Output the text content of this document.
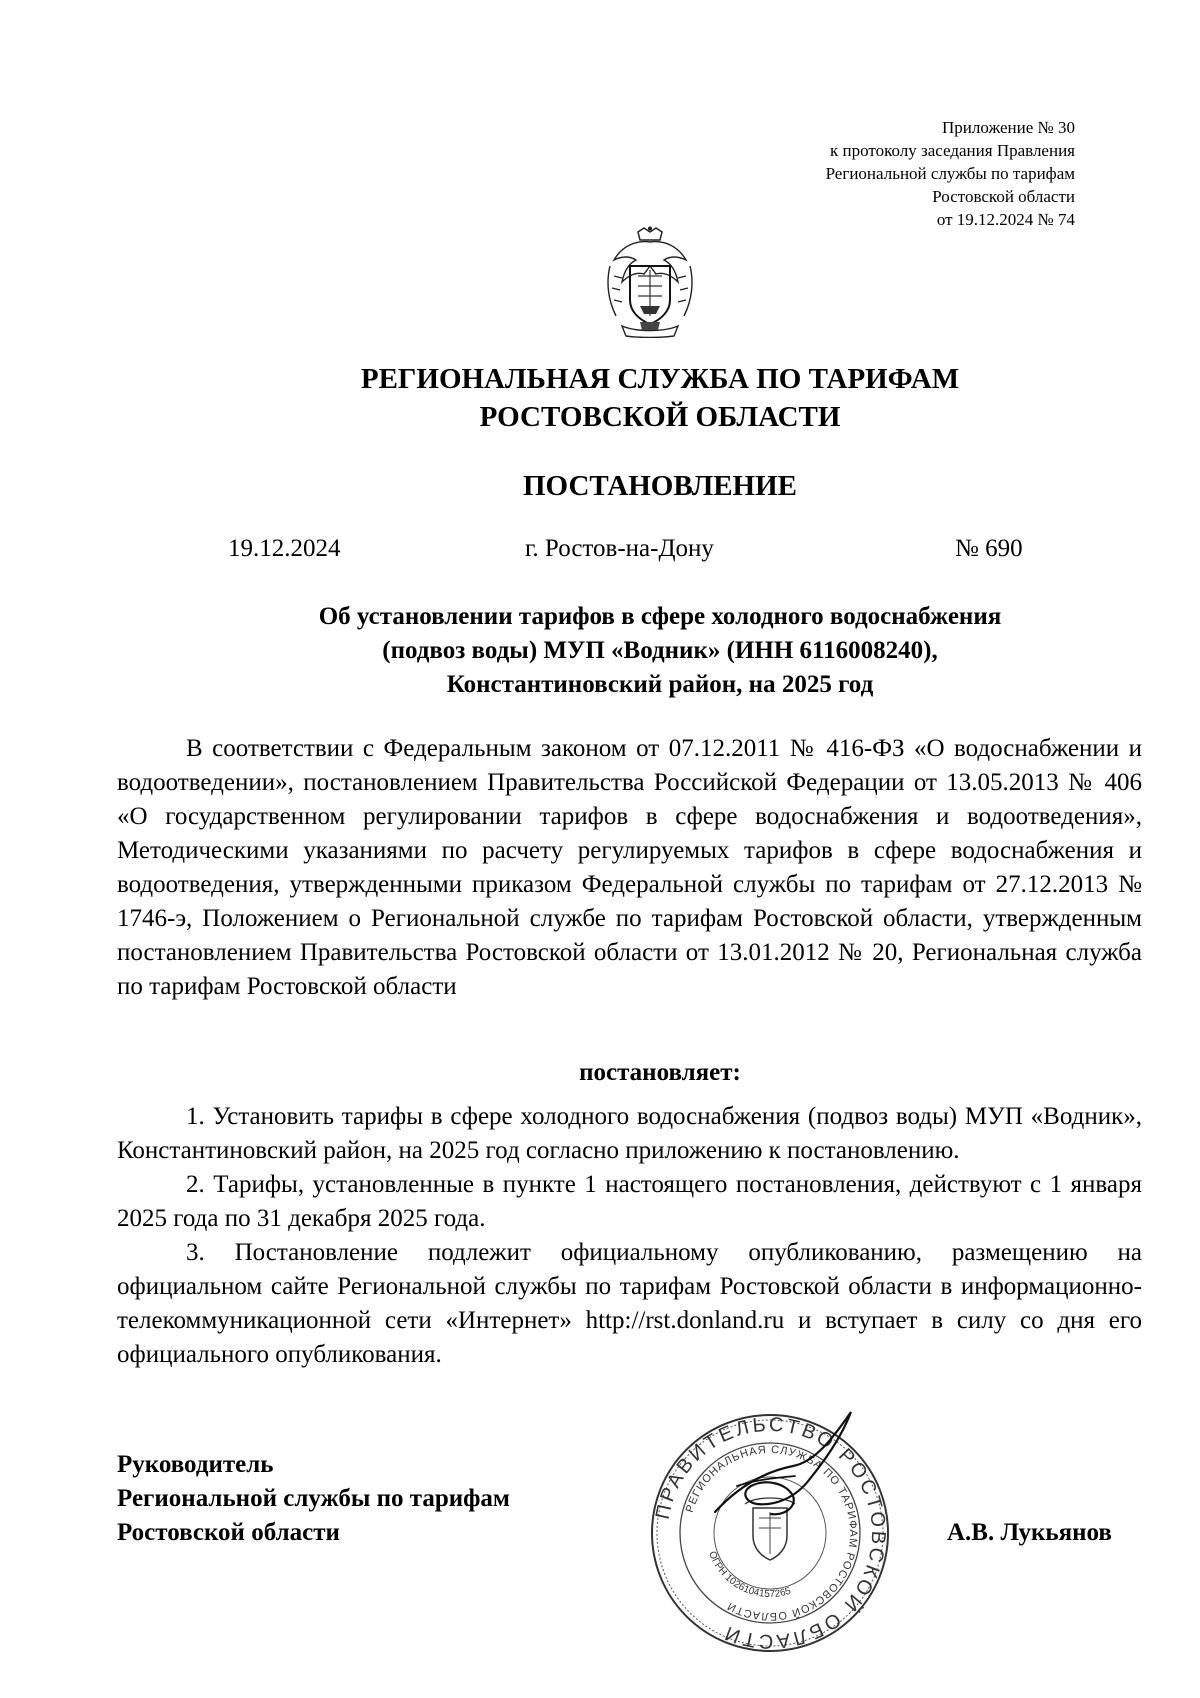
Приложение № 30
к протоколу заседания Правления
Региональной службы по тарифам
Ростовской области
от 19.12.2024 № 74
РЕГИОНАЛЬНАЯ СЛУЖБА ПО ТАРИФАМ
РОСТОВСКОЙ ОБЛАСТИ
ПОСТАНОВЛЕНИЕ
19.12.2024	г. Ростов-на-Дону	№ 690
Об установлении тарифов в сфере холодного водоснабжения
(подвоз воды) МУП «Водник» (ИНН 6116008240),
Константиновский район, на 2025 год

В соответствии с Федеральным законом от 07.12.2011 № 416-ФЗ «О водоснабжении и водоотведении», постановлением Правительства Российской Федерации от 13.05.2013 № 406 «О государственном регулировании тарифов в сфере водоснабжения и водоотведения», Методическими указаниями по расчету регулируемых тарифов в сфере водоснабжения и водоотведения, утвержденными приказом Федеральной службы по тарифам от 27.12.2013 № 1746-э, Положением о Региональной службе по тарифам Ростовской области, утвержденным постановлением Правительства Ростовской области от 13.01.2012 № 20, Региональная служба по тарифам Ростовской области

постановляет:

1. Установить тарифы в сфере холодного водоснабжения (подвоз воды) МУП «Водник», Константиновский район, на 2025 год согласно приложению к постановлению.

2. Тарифы, установленные в пункте 1 настоящего постановления, действуют с 1 января 2025 года по 31 декабря 2025 года.

3. Постановление подлежит официальному опубликованию, размещению на официальном сайте Региональной службы по тарифам Ростовской области в информационно-телекоммуникационной сети «Интернет» http://rst.donland.ru и вступает в силу со дня его официального опубликования.

Руководитель
Региональной службы по тарифам
Ростовской области	А.В. Лукьянов
ПРАВИТЕЛЬСТВО РОСТОВСКОЙ ОБЛАСТИ
РЕГИОНАЛЬНАЯ СЛУЖБА ПО ТАРИФАМ РОСТОВСКОЙ ОБЛАСТИ
ОГРН 1026104157265
